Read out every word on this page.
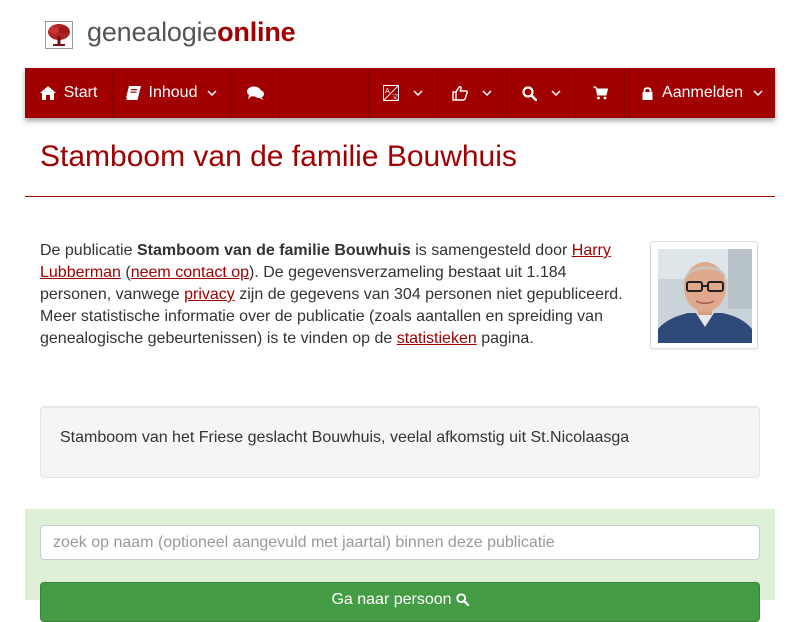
genealogieonline
Start	Inhoud	A
文	Aanmelden
Stamboom van de familie Bouwhuis
De publicatie Stamboom van de familie Bouwhuis is samengesteld door Harry Lubberman (neem contact op). De gegevensverzameling bestaat uit 1.184 personen, vanwege privacy zijn de gegevens van 304 personen niet gepubliceerd. Meer statistische informatie over de publicatie (zoals aantallen en spreiding van genealogische gebeurtenissen) is te vinden op de statistieken pagina.
Stamboom van het Friese geslacht Bouwhuis, veelal afkomstig uit St.Nicolaasga
zoek op naam (optioneel aangevuld met jaartal) binnen deze publicatie
Ga naar persoon
